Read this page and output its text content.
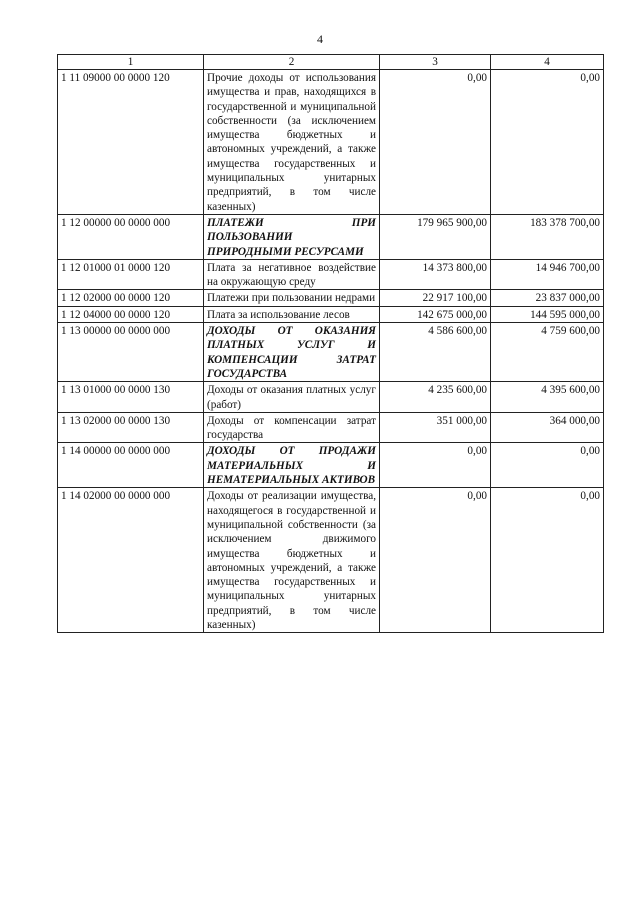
4
1	2	3	4
1 11 09000 00 0000 120	Прочие доходы от использования имущества и прав, находящихся в государственной и муниципальной собственности (за исключением имущества бюджетных и автономных учреждений, а также имущества государственных и муниципальных унитарных предприятий, в том числе казенных)	0,00	0,00
1 12 00000 00 0000 000	ПЛАТЕЖИ ПРИ ПОЛЬЗОВАНИИ ПРИРОДНЫМИ РЕСУРСАМИ	179 965 900,00	183 378 700,00
1 12 01000 01 0000 120	Плата за негативное воздействие на окружающую среду	14 373 800,00	14 946 700,00
1 12 02000 00 0000 120	Платежи при пользовании недрами	22 917 100,00	23 837 000,00
1 12 04000 00 0000 120	Плата за использование лесов	142 675 000,00	144 595 000,00
1 13 00000 00 0000 000	ДОХОДЫ ОТ ОКАЗАНИЯ ПЛАТНЫХ УСЛУГ И КОМПЕНСАЦИИ ЗАТРАТ ГОСУДАРСТВА	4 586 600,00	4 759 600,00
1 13 01000 00 0000 130	Доходы от оказания платных услуг (работ)	4 235 600,00	4 395 600,00
1 13 02000 00 0000 130	Доходы от компенсации затрат государства	351 000,00	364 000,00
1 14 00000 00 0000 000	ДОХОДЫ ОТ ПРОДАЖИ МАТЕРИАЛЬНЫХ И НЕМАТЕРИАЛЬНЫХ АКТИВОВ	0,00	0,00
1 14 02000 00 0000 000	Доходы от реализации имущества, находящегося в государственной и муниципальной собственности (за исключением движимого имущества бюджетных и автономных учреждений, а также имущества государственных и муниципальных унитарных предприятий, в том числе казенных)	0,00	0,00
